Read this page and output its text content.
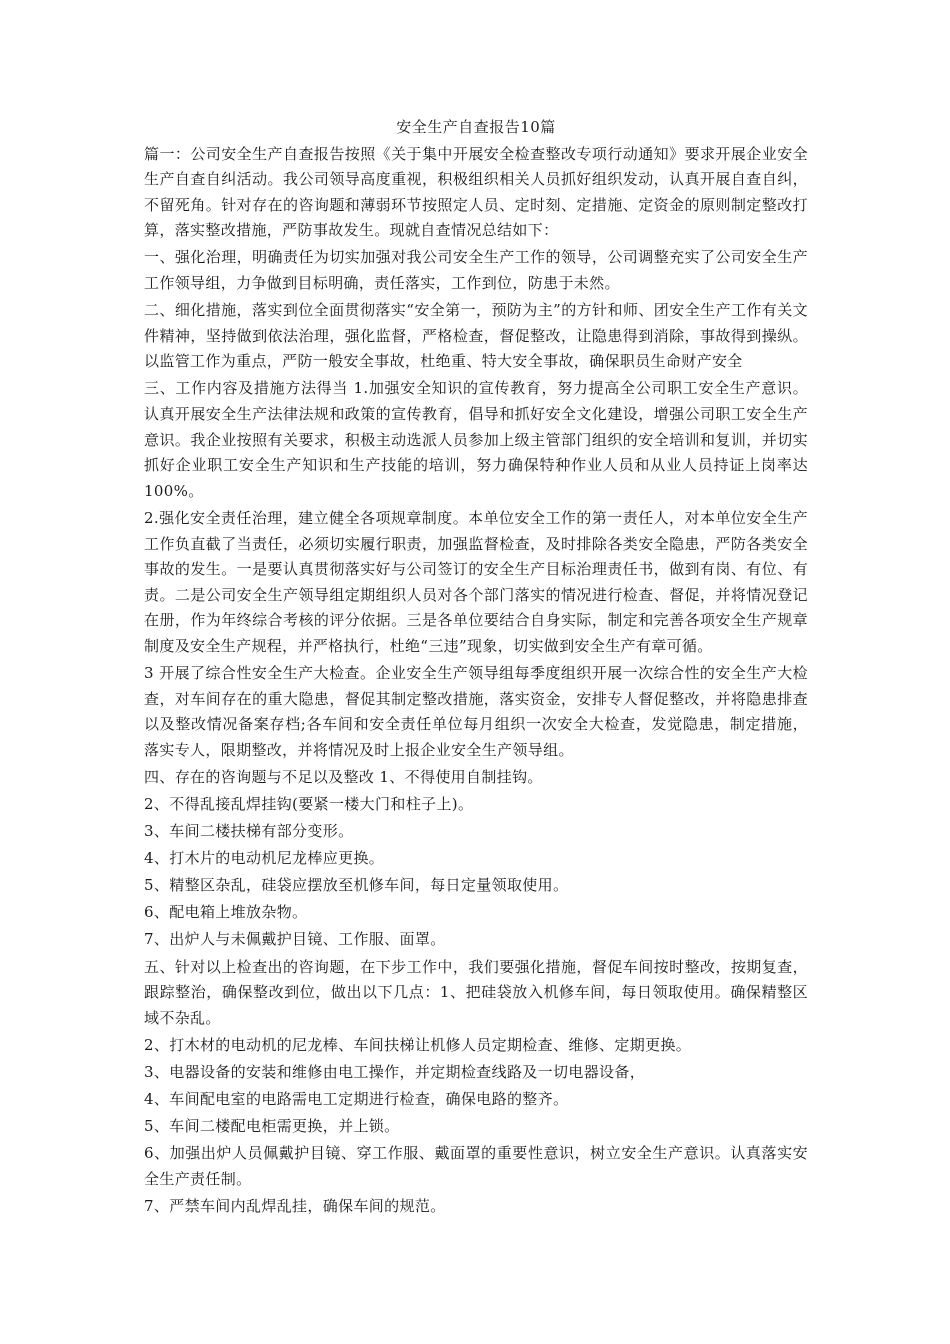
安全生产自查报告10篇

篇一：公司安全生产自查报告按照《关于集中开展安全检查整改专项行动通知》要求开展企业安全生产自查自纠活动。我公司领导高度重视，积极组织相关人员抓好组织发动，认真开展自查自纠，不留死角。针对存在的咨询题和薄弱环节按照定人员、定时刻、定措施、定资金的原则制定整改打算，落实整改措施，严防事故发生。现就自查情况总结如下：

一、强化治理，明确责任为切实加强对我公司安全生产工作的领导，公司调整充实了公司安全生产工作领导组，力争做到目标明确，责任落实，工作到位，防患于未然。

二、细化措施，落实到位全面贯彻落实“安全第一，预防为主”的方针和师、团安全生产工作有关文件精神，坚持做到依法治理，强化监督，严格检查，督促整改，让隐患得到消除，事故得到操纵。以监管工作为重点，严防一般安全事故，杜绝重、特大安全事故，确保职员生命财产安全

三、工作内容及措施方法得当 1.加强安全知识的宣传教育，努力提高全公司职工安全生产意识。认真开展安全生产法律法规和政策的宣传教育，倡导和抓好安全文化建设，增强公司职工安全生产意识。我企业按照有关要求，积极主动选派人员参加上级主管部门组织的安全培训和复训，并切实抓好企业职工安全生产知识和生产技能的培训，努力确保特种作业人员和从业人员持证上岗率达 100%。

2.强化安全责任治理，建立健全各项规章制度。本单位安全工作的第一责任人，对本单位安全生产工作负直截了当责任，必须切实履行职责，加强监督检查，及时排除各类安全隐患，严防各类安全事故的发生。一是要认真贯彻落实好与公司签订的安全生产目标治理责任书，做到有岗、有位、有责。二是公司安全生产领导组定期组织人员对各个部门落实的情况进行检查、督促，并将情况登记在册，作为年终综合考核的评分依据。三是各单位要结合自身实际，制定和完善各项安全生产规章制度及安全生产规程，并严格执行，杜绝“三违”现象，切实做到安全生产有章可循。

3 开展了综合性安全生产大检查。企业安全生产领导组每季度组织开展一次综合性的安全生产大检查，对车间存在的重大隐患，督促其制定整改措施，落实资金，安排专人督促整改，并将隐患排查以及整改情况备案存档;各车间和安全责任单位每月组织一次安全大检查，发觉隐患，制定措施，落实专人，限期整改，并将情况及时上报企业安全生产领导组。

四、存在的咨询题与不足以及整改 1、不得使用自制挂钩。

2、不得乱接乱焊挂钩(要紧一楼大门和柱子上)。

3、车间二楼扶梯有部分变形。

4、打木片的电动机尼龙棒应更换。

5、精整区杂乱，硅袋应摆放至机修车间，每日定量领取使用。

6、配电箱上堆放杂物。

7、出炉人与未佩戴护目镜、工作服、面罩。

五、针对以上检查出的咨询题，在下步工作中，我们要强化措施，督促车间按时整改，按期复查，跟踪整治，确保整改到位，做出以下几点：1、把硅袋放入机修车间，每日领取使用。确保精整区域不杂乱。

2、打木材的电动机的尼龙棒、车间扶梯让机修人员定期检查、维修、定期更换。

3、电器设备的安装和维修由电工操作，并定期检查线路及一切电器设备，

4、车间配电室的电路需电工定期进行检查，确保电路的整齐。

5、车间二楼配电柜需更换，并上锁。

6、加强出炉人员佩戴护目镜、穿工作服、戴面罩的重要性意识，树立安全生产意识。认真落实安全生产责任制。

7、严禁车间内乱焊乱挂，确保车间的规范。
